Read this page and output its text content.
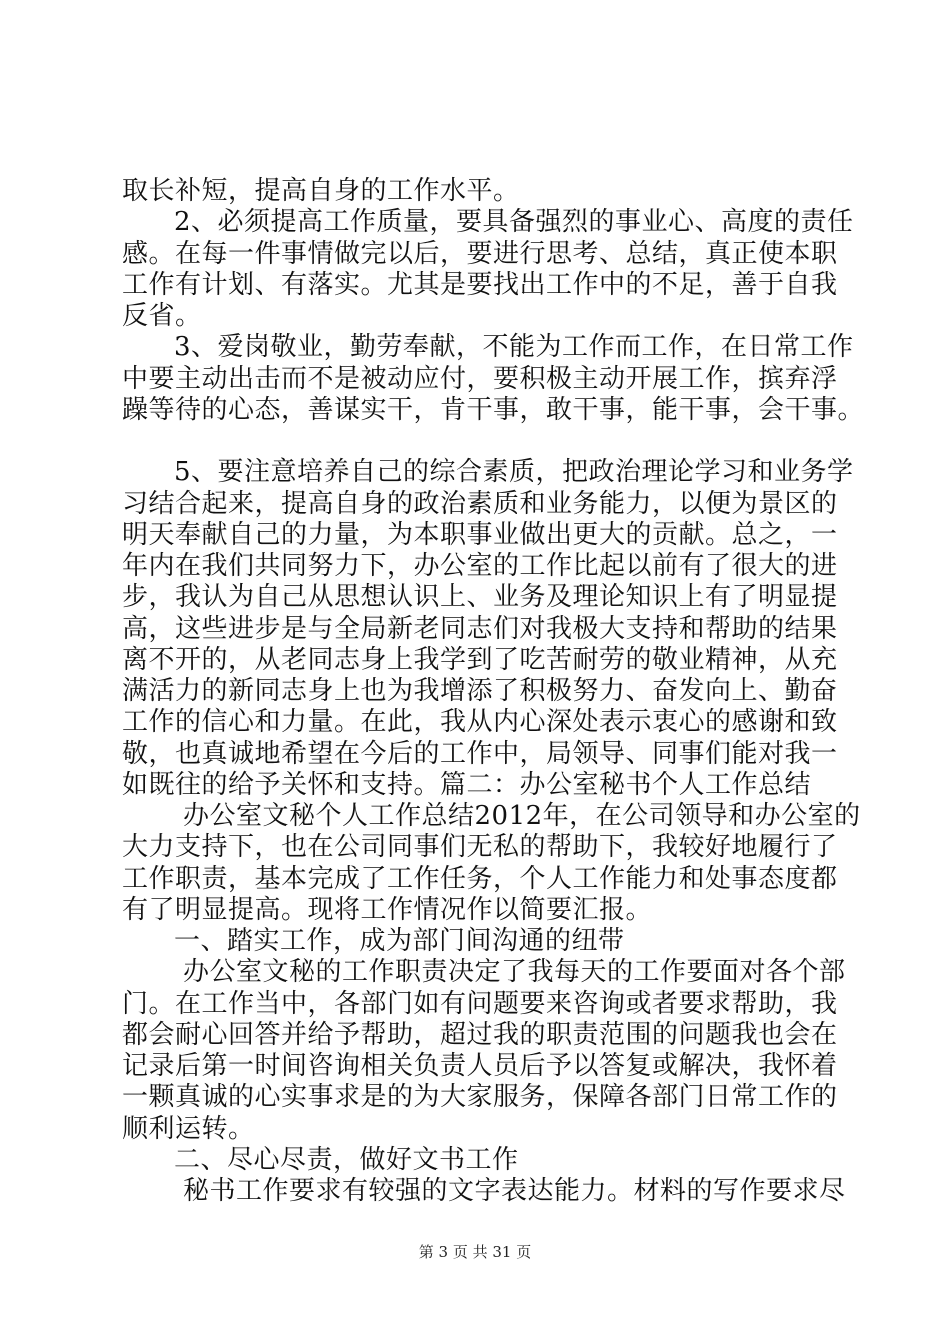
取长补短，提高自身的工作水平。
2、必须提高工作质量，要具备强烈的事业心、高度的责任
感。在每一件事情做完以后，要进行思考、总结，真正使本职
工作有计划、有落实。尤其是要找出工作中的不足，善于自我
反省。
3、爱岗敬业，勤劳奉献，不能为工作而工作，在日常工作
中要主动出击而不是被动应付，要积极主动开展工作，摈弃浮
躁等待的心态，善谋实干，肯干事，敢干事，能干事，会干事。
5、要注意培养自己的综合素质，把政治理论学习和业务学
习结合起来，提高自身的政治素质和业务能力，以便为景区的
明天奉献自己的力量，为本职事业做出更大的贡献。总之，一
年内在我们共同努力下，办公室的工作比起以前有了很大的进
步，我认为自己从思想认识上、业务及理论知识上有了明显提
高，这些进步是与全局新老同志们对我极大支持和帮助的结果
离不开的，从老同志身上我学到了吃苦耐劳的敬业精神，从充
满活力的新同志身上也为我增添了积极努力、奋发向上、勤奋
工作的信心和力量。在此，我从内心深处表示衷心的感谢和致
敬，也真诚地希望在今后的工作中，局领导、同事们能对我一
如既往的给予关怀和支持。篇二：办公室秘书个人工作总结
办公室文秘个人工作总结2012年，在公司领导和办公室的
大力支持下，也在公司同事们无私的帮助下，我较好地履行了
工作职责，基本完成了工作任务，个人工作能力和处事态度都
有了明显提高。现将工作情况作以简要汇报。
一、踏实工作，成为部门间沟通的纽带
办公室文秘的工作职责决定了我每天的工作要面对各个部
门。在工作当中，各部门如有问题要来咨询或者要求帮助，我
都会耐心回答并给予帮助，超过我的职责范围的问题我也会在
记录后第一时间咨询相关负责人员后予以答复或解决，我怀着
一颗真诚的心实事求是的为大家服务，保障各部门日常工作的
顺利运转。
二、尽心尽责，做好文书工作
秘书工作要求有较强的文字表达能力。材料的写作要求尽
第 3 页 共 31 页
